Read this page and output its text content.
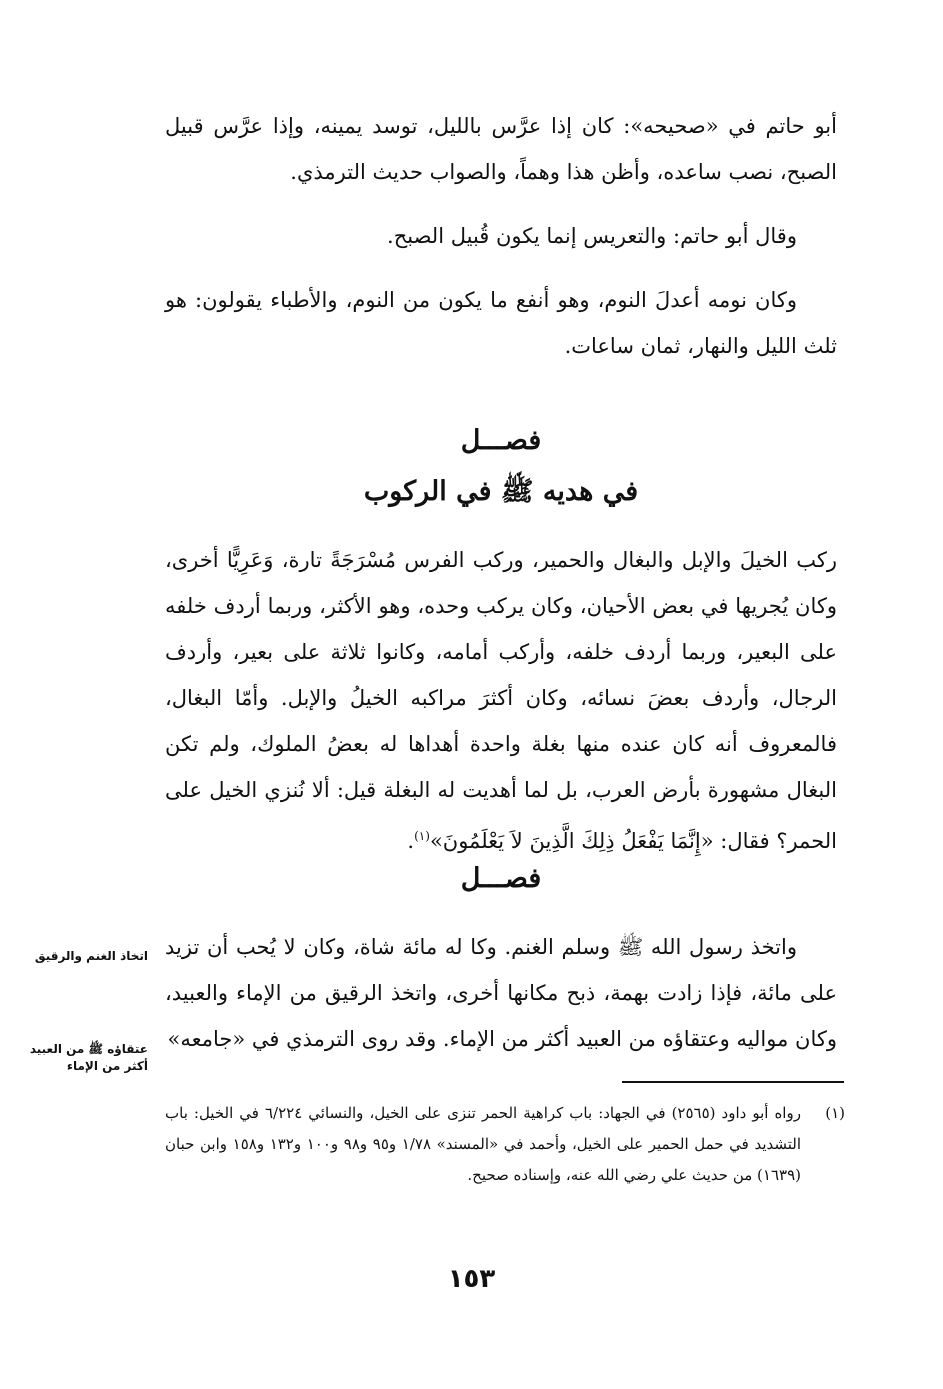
أبو حاتم في «صحيحه»: كان إذا عرَّس بالليل، توسد يمينه، وإذا عرَّس قبيل الصبح، نصب ساعده، وأظن هذا وهماً، والصواب حديث الترمذي.

وقال أبو حاتم: والتعريس إنما يكون قُبيل الصبح.

وكان نومه أعدلَ النوم، وهو أنفع ما يكون من النوم، والأطباء يقولون: هو ثلث الليل والنهار، ثمان ساعات.

فصـــل
في هديه ﷺ في الركوب

ركب الخيلَ والإبل والبغال والحمير، وركب الفرس مُسْرَجَةً تارة، وَعَرِيًّا أخرى، وكان يُجريها في بعض الأحيان، وكان يركب وحده، وهو الأكثر، وربما أردف خلفه على البعير، وربما أردف خلفه، وأركب أمامه، وكانوا ثلاثة على بعير، وأردف الرجال، وأردف بعضَ نسائه، وكان أكثرَ مراكبه الخيلُ والإبل. وأمّا البغال، فالمعروف أنه كان عنده منها بغلة واحدة أهداها له بعضُ الملوك، ولم تكن البغال مشهورة بأرض العرب، بل لما أهديت له البغلة قيل: ألا نُنزي الخيل على الحمر؟ فقال: «إِنَّمَا يَفْعَلُ ذِلِكَ الَّذِينَ لاَ يَعْلَمُونَ»$^{(١)}$.

فصـــل

واتخذ رسول الله ﷺ وسلم الغنم. وكا له مائة شاة، وكان لا يُحب أن تزيد على مائة، فإذا زادت بهمة، ذبح مكانها أخرى، واتخذ الرقيق من الإماء والعبيد، وكان مواليه وعتقاؤه من العبيد أكثر من الإماء. وقد روى الترمذي في «جامعه»

اتخاذ الغنم والرقيق
عتقاؤه ﷺ من العبيد أكثر من الإماء
(١)

رواه أبو داود (٢٥٦٥) في الجهاد: باب كراهية الحمر تنزى على الخيل، والنسائي ٦/٢٢٤ في الخيل: باب التشديد في حمل الحمير على الخيل، وأحمد في «المسند» ١/٧٨ و٩٥ و٩٨ و١٠٠ و١٣٢ و١٥٨ وابن حبان (١٦٣٩) من حديث علي رضي الله عنه، وإسناده صحيح.

١٥٣
